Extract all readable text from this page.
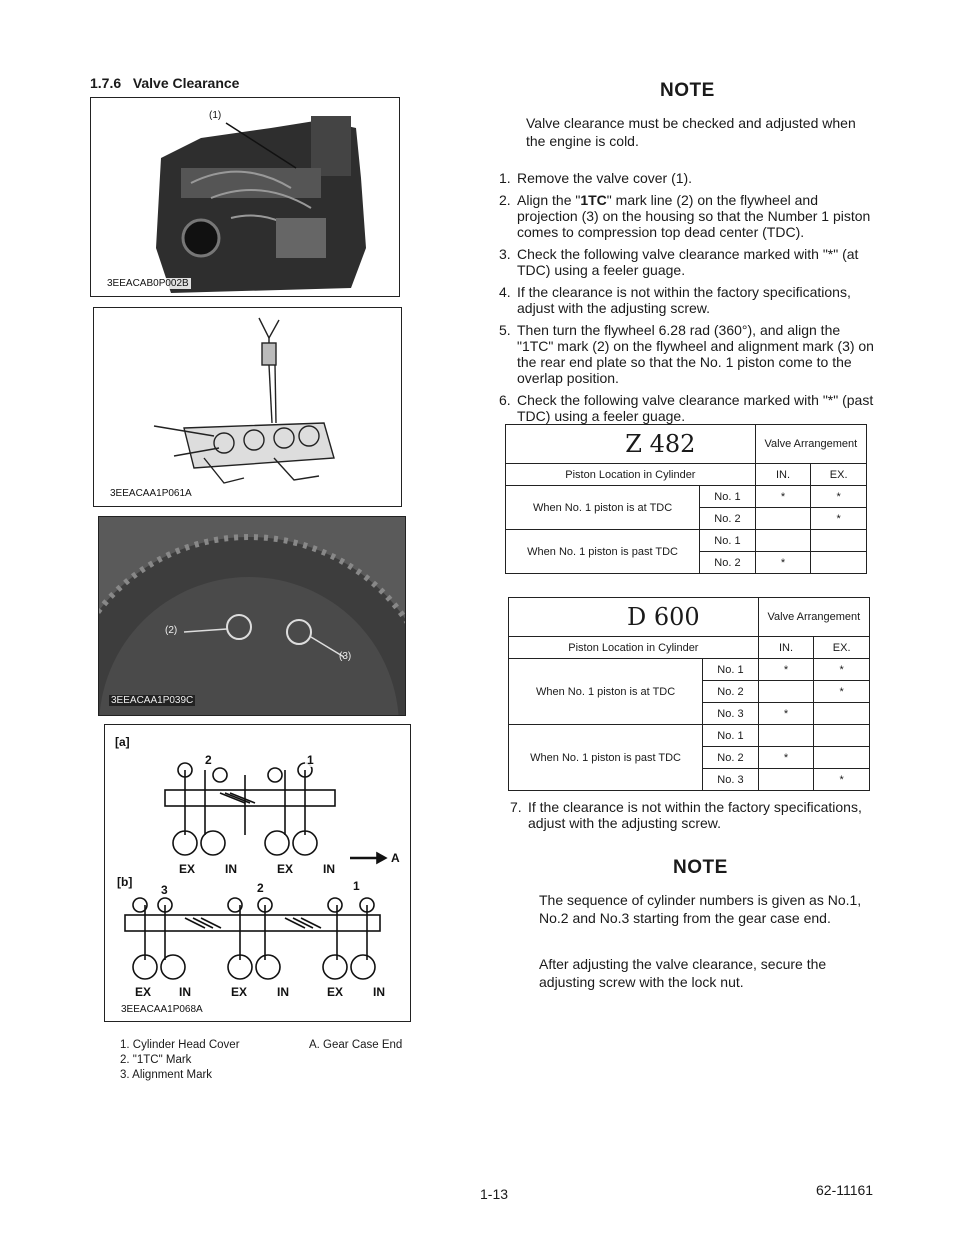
1.7.6 Valve Clearance
(1)
3EEACAB0P002B
3EEACAA1P061A
(2)
(3)
3EEACAA1P039C
[a]
2	1
EX IN	EX IN
A
[b]
3	2	1
EX IN	EX IN	EX IN
3EEACAA1P068A
1. Cylinder Head Cover
2. "1TC" Mark
3. Alignment Mark
A. Gear Case End
NOTE
Valve clearance must be checked and adjusted when the engine is cold.
1. Remove the valve cover (1).
2. Align the "1TC" mark line (2) on the flywheel and projection (3) on the housing so that the Number 1 piston comes to compression top dead center (TDC).
3. Check the following valve clearance marked with "*" (at TDC) using a feeler guage.
4. If the clearance is not within the factory specifications, adjust with the adjusting screw.
5. Then turn the flywheel 6.28 rad (360°), and align the "1TC" mark (2) on the flywheel and alignment mark (3) on the rear end plate so that the No. 1 piston come to the overlap position.
6. Check the following valve clearance marked with "*" (past TDC) using a feeler guage.
Z 482		Valve Arrangement	
Piston Location in Cylinder		IN.	EX.
When No. 1 piston is at TDC	No. 1	*	*
	No. 2		*
When No. 1 piston is past TDC	No. 1		
	No. 2	*	
D 600		Valve Arrangement	
Piston Location in Cylinder		IN.	EX.
When No. 1 piston is at TDC	No. 1	*	*
	No. 2		*
	No. 3	*	
When No. 1 piston is past TDC	No. 1		
	No. 2	*	
	No. 3		*
7. If the clearance is not within the factory specifications, adjust with the adjusting screw.
NOTE
The sequence of cylinder numbers is given as No.1, No.2 and No.3 starting from the gear case end.
After adjusting the valve clearance, secure the adjusting screw with the lock nut.
1-13	62-11161
